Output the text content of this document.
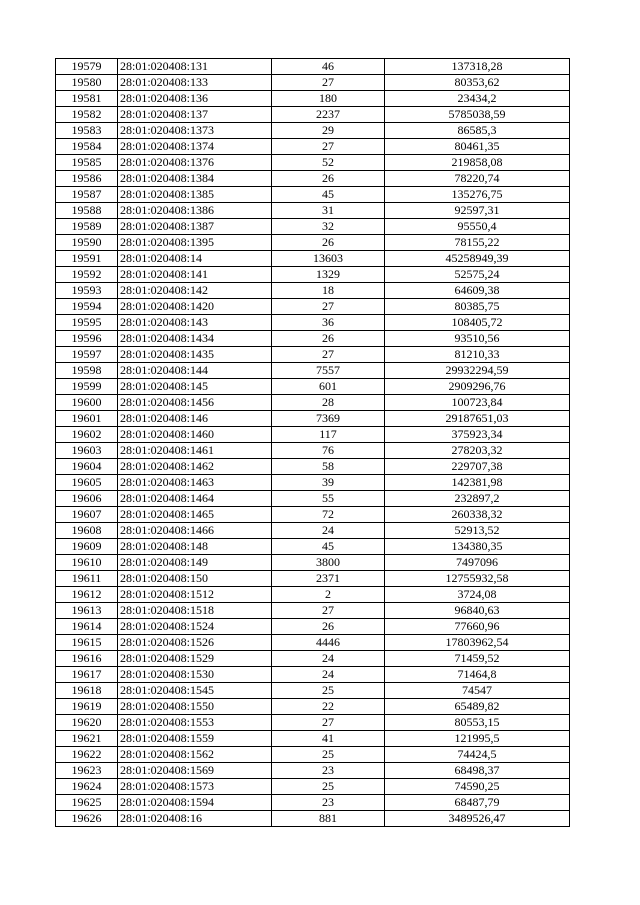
19579	28:01:020408:131	46	137318,28
19580	28:01:020408:133	27	80353,62
19581	28:01:020408:136	180	23434,2
19582	28:01:020408:137	2237	5785038,59
19583	28:01:020408:1373	29	86585,3
19584	28:01:020408:1374	27	80461,35
19585	28:01:020408:1376	52	219858,08
19586	28:01:020408:1384	26	78220,74
19587	28:01:020408:1385	45	135276,75
19588	28:01:020408:1386	31	92597,31
19589	28:01:020408:1387	32	95550,4
19590	28:01:020408:1395	26	78155,22
19591	28:01:020408:14	13603	45258949,39
19592	28:01:020408:141	1329	52575,24
19593	28:01:020408:142	18	64609,38
19594	28:01:020408:1420	27	80385,75
19595	28:01:020408:143	36	108405,72
19596	28:01:020408:1434	26	93510,56
19597	28:01:020408:1435	27	81210,33
19598	28:01:020408:144	7557	29932294,59
19599	28:01:020408:145	601	2909296,76
19600	28:01:020408:1456	28	100723,84
19601	28:01:020408:146	7369	29187651,03
19602	28:01:020408:1460	117	375923,34
19603	28:01:020408:1461	76	278203,32
19604	28:01:020408:1462	58	229707,38
19605	28:01:020408:1463	39	142381,98
19606	28:01:020408:1464	55	232897,2
19607	28:01:020408:1465	72	260338,32
19608	28:01:020408:1466	24	52913,52
19609	28:01:020408:148	45	134380,35
19610	28:01:020408:149	3800	7497096
19611	28:01:020408:150	2371	12755932,58
19612	28:01:020408:1512	2	3724,08
19613	28:01:020408:1518	27	96840,63
19614	28:01:020408:1524	26	77660,96
19615	28:01:020408:1526	4446	17803962,54
19616	28:01:020408:1529	24	71459,52
19617	28:01:020408:1530	24	71464,8
19618	28:01:020408:1545	25	74547
19619	28:01:020408:1550	22	65489,82
19620	28:01:020408:1553	27	80553,15
19621	28:01:020408:1559	41	121995,5
19622	28:01:020408:1562	25	74424,5
19623	28:01:020408:1569	23	68498,37
19624	28:01:020408:1573	25	74590,25
19625	28:01:020408:1594	23	68487,79
19626	28:01:020408:16	881	3489526,47
